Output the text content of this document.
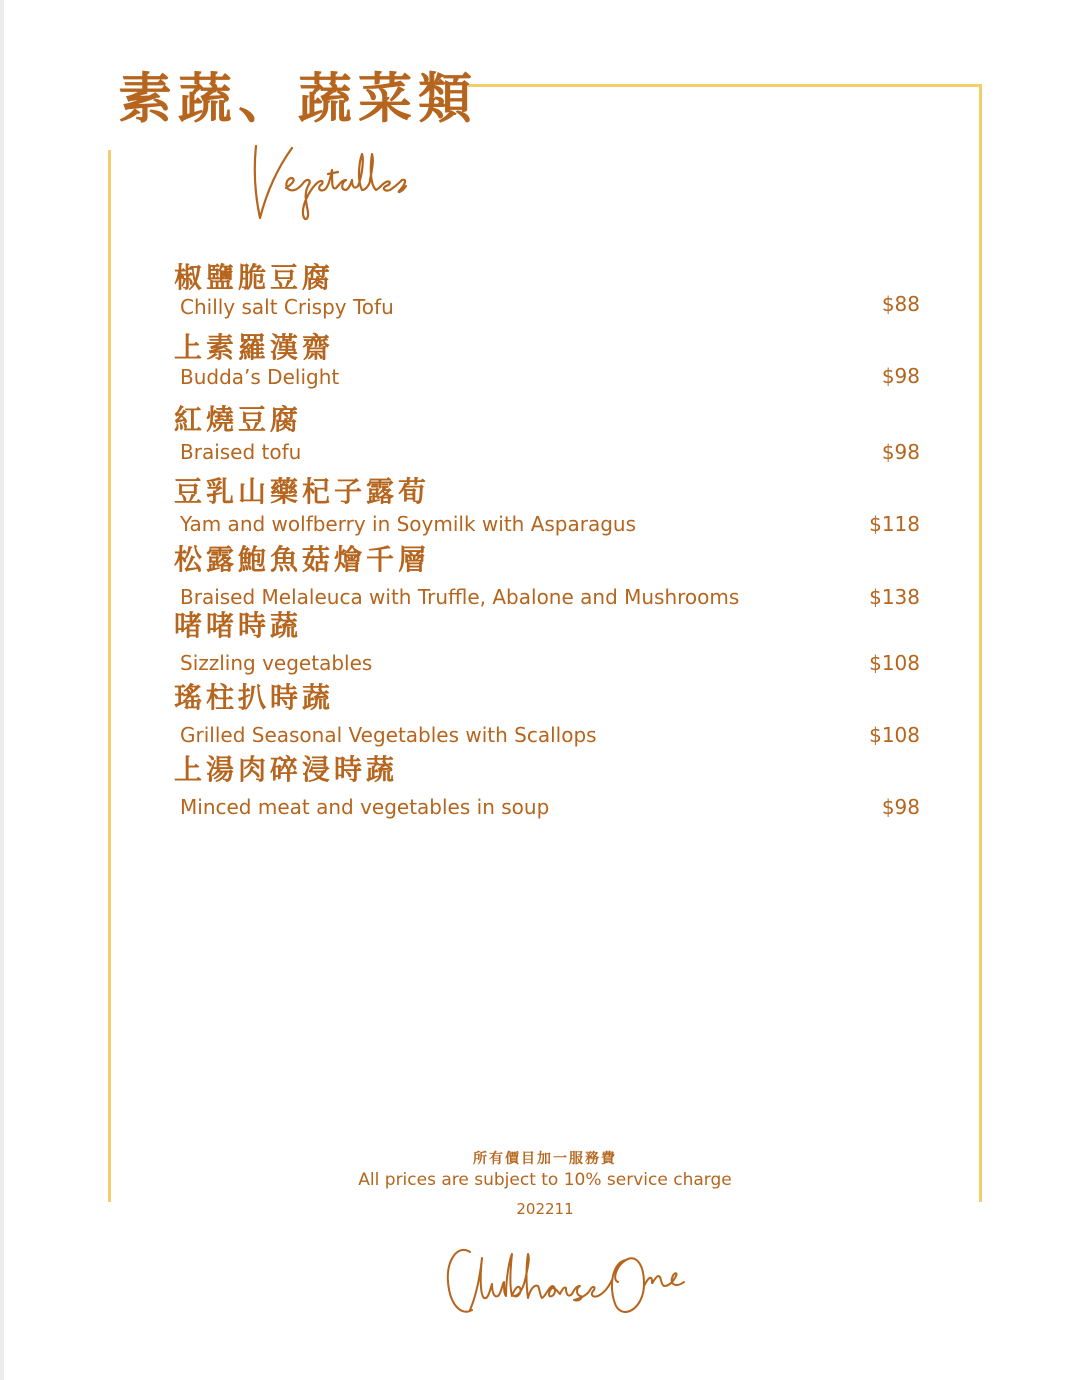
素蔬、蔬菜類
椒鹽脆豆腐
Chilly salt Crispy Tofu	$88
上素羅漢齋
Budda’s Delight	$98
紅燒豆腐
Braised tofu	$98
豆乳山藥杞子露荀
Yam and wolfberry in Soymilk with Asparagus	$118
松露鮑魚菇燴千層
Braised Melaleuca with Truffle, Abalone and Mushrooms	$138
啫啫時蔬
Sizzling vegetables	$108
瑤柱扒時蔬
Grilled Seasonal Vegetables with Scallops	$108
上湯肉碎浸時蔬
Minced meat and vegetables in soup	$98
所有價目加一服務費
All prices are subject to 10% service charge
202211
